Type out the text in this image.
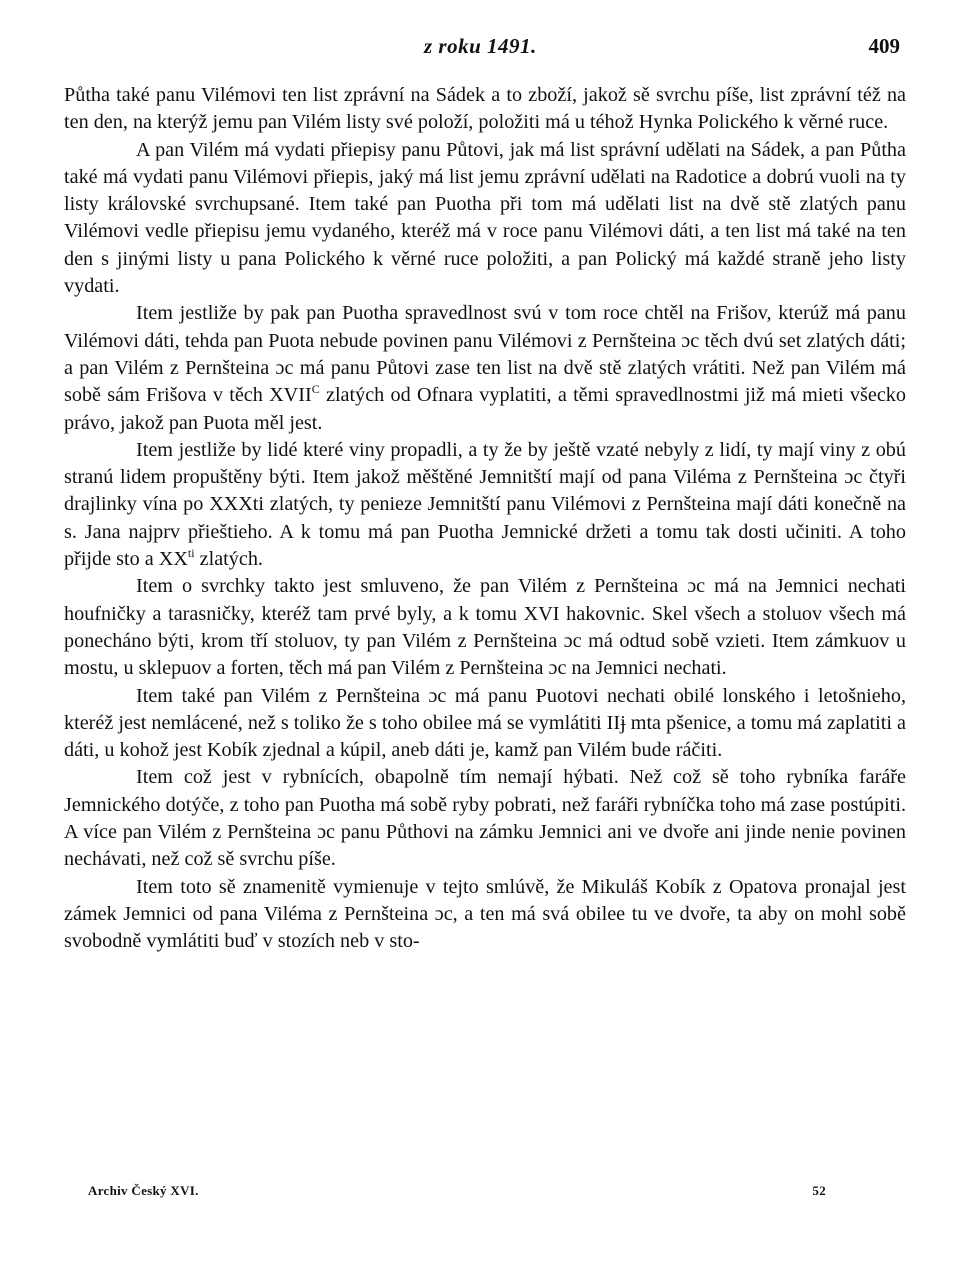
z roku 1491.	409

Půtha také panu Vilémovi ten list zprávní na Sádek a to zboží, jakož sě svrchu píše, list zprávní též na ten den, na kterýž jemu pan Vilém listy své položí, položiti má u téhož Hynka Polického k věrné ruce.

A pan Vilém má vydati přiepisy panu Půtovi, jak má list správní udělati na Sádek, a pan Půtha také má vydati panu Vilémovi přiepis, jaký má list jemu zprávní udělati na Radotice a dobrú vuoli na ty listy královské svrchupsané. Item také pan Puotha při tom má udělati list na dvě stě zlatých panu Vilémovi vedle přiepisu jemu vydaného, kteréž má v roce panu Vilémovi dáti, a ten list má také na ten den s jinými listy u pana Polického k věrné ruce položiti, a pan Polický má každé straně jeho listy vydati.

Item jestliže by pak pan Puotha spravedlnost svú v tom roce chtěl na Frišov, kterúž má panu Vilémovi dáti, tehda pan Puota nebude povinen panu Vilémovi z Pernšteina ɔc těch dvú set zlatých dáti; a pan Vilém z Pernšteina ɔc má panu Půtovi zase ten list na dvě stě zlatých vrátiti. Než pan Vilém má sobě sám Frišova v těch $XVII^C$ zlatých od Ofnara vyplatiti, a těmi spravedlnostmi již má mieti všecko právo, jakož pan Puota měl jest.

Item jestliže by lidé které viny propadli, a ty že by ještě vzaté nebyly z lidí, ty mají viny z obú stranú lidem propuštěny býti. Item jakož měštěné Jemnitští mají od pana Viléma z Pernšteina ɔc čtyři drajlinky vína po XXXti zlatých, ty penieze Jemnitští panu Vilémovi z Pernšteina mají dáti konečně na s. Jana najprv přieštieho. A k tomu má pan Puotha Jemnické držeti a tomu tak dosti učiniti. A toho přijde sto a $XX^{ti}$ zlatých.

Item o svrchky takto jest smluveno, že pan Vilém z Pernšteina ɔc má na Jemnici nechati houfničky a tarasničky, kteréž tam prvé byly, a k tomu XVI hakovnic. Skel všech a stoluov všech má ponecháno býti, krom tří stoluov, ty pan Vilém z Pernšteina ɔc má odtud sobě vzieti. Item zámkuov u mostu, u sklepuov a forten, těch má pan Vilém z Pernšteina ɔc na Jemnici nechati.

Item také pan Vilém z Pernšteina ɔc má panu Puotovi nechati obilé lonského i letošnieho, kteréž jest nemlácené, než s toliko že s toho obilee má se vymlátiti IIɉ mta pšenice, a tomu má zaplatiti a dáti, u kohož jest Kobík zjednal a kúpil, aneb dáti je, kamž pan Vilém bude ráčiti.

Item což jest v rybnících, obapolně tím nemají hýbati. Než což sě toho rybníka faráře Jemnického dotýče, z toho pan Puotha má sobě ryby pobrati, než faráři rybníčka toho má zase postúpiti. A více pan Vilém z Pernšteina ɔc panu Půthovi na zámku Jemnici ani ve dvoře ani jinde nenie povinen nechávati, než což sě svrchu píše.

Item toto sě znamenitě vymienuje v tejto smlúvě, že Mikuláš Kobík z Opatova pronajal jest zámek Jemnici od pana Viléma z Pernšteina ɔc, a ten má svá obilee tu ve dvoře, ta aby on mohl sobě svobodně vymlátiti buď v stozích neb v sto-

Archiv Český XVI.	52
